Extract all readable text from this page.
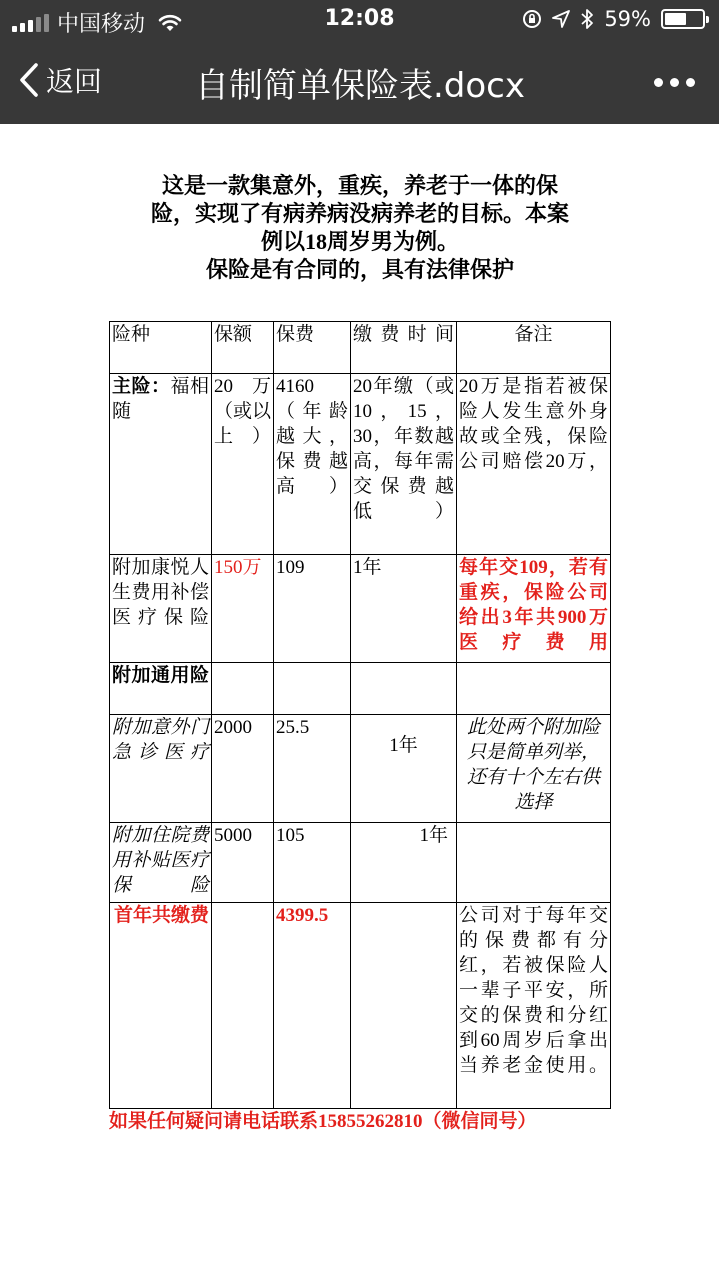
中国移动	12:08	59%
返回	自制简单保险表.docx
这是一款集意外，重疾，养老于一体的保
险，实现了有病养病没病养老的目标。本案
例以18周岁男为例。
保险是有合同的，具有法律保护
险种	保额	保费	缴费时间	备注
主险：福相随	20万（或以上）	4160（年龄越大，保费越高）	20年缴（或10，15，30，年数越高，每年需交保费越低）	20万是指若被保险人发生意外身故或全残，保险公司赔偿20万，
附加康悦人生费用补偿医疗保险	150万	109	1年	每年交109，若有重疾，保险公司给出3年共900万医疗费用
附加通用险				
附加意外门急诊医疗	2000	25.5	1年	此处两个附加险只是简单列举，还有十个左右供选择
附加住院费用补贴医疗保险	5000	105	1年	
首年共缴费		4399.5		公司对于每年交的保费都有分红，若被保险人一辈子平安，所交的保费和分红到60周岁后拿出当养老金使用。
如果任何疑问请电话联系15855262810（微信同号）
